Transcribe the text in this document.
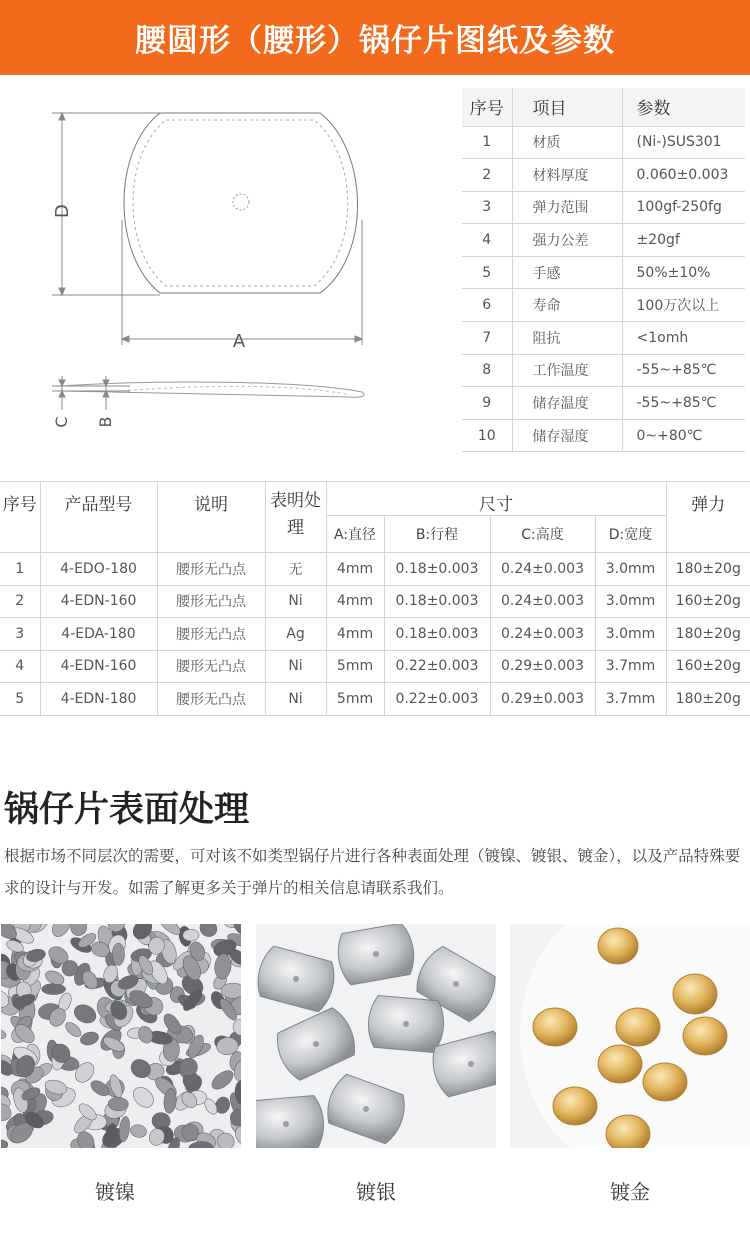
腰圆形（腰形）锅仔片图纸及参数
D
A
C B
序号	项目	参数
1	材质	(Ni-)SUS301
2	材料厚度	0.060±0.003
3	弹力范围	100gf-250fg
4	强力公差	±20gf
5	手感	50%±10%
6	寿命	100万次以上
7	阻抗	<1omh
8	工作温度	-55~+85℃
9	储存温度	-55~+85℃
10	储存湿度	0~+80℃
序号	产品型号	说明	表明处理	尺寸				弹力
				A:直径	B:行程	C:高度	D:宽度	
1	4-EDO-180	腰形无凸点	无	4mm	0.18±0.003	0.24±0.003	3.0mm	180±20g
2	4-EDN-160	腰形无凸点	Ni	4mm	0.18±0.003	0.24±0.003	3.0mm	160±20g
3	4-EDA-180	腰形无凸点	Ag	4mm	0.18±0.003	0.24±0.003	3.0mm	180±20g
4	4-EDN-160	腰形无凸点	Ni	5mm	0.22±0.003	0.29±0.003	3.7mm	160±20g
5	4-EDN-180	腰形无凸点	Ni	5mm	0.22±0.003	0.29±0.003	3.7mm	180±20g
锅仔片表面处理

根据市场不同层次的需要，可对该不如类型锅仔片进行各种表面处理（镀镍、镀银、镀金），以及产品特殊要求的设计与开发。如需了解更多关于弹片的相关信息请联系我们。

镀镍	镀银	镀金
